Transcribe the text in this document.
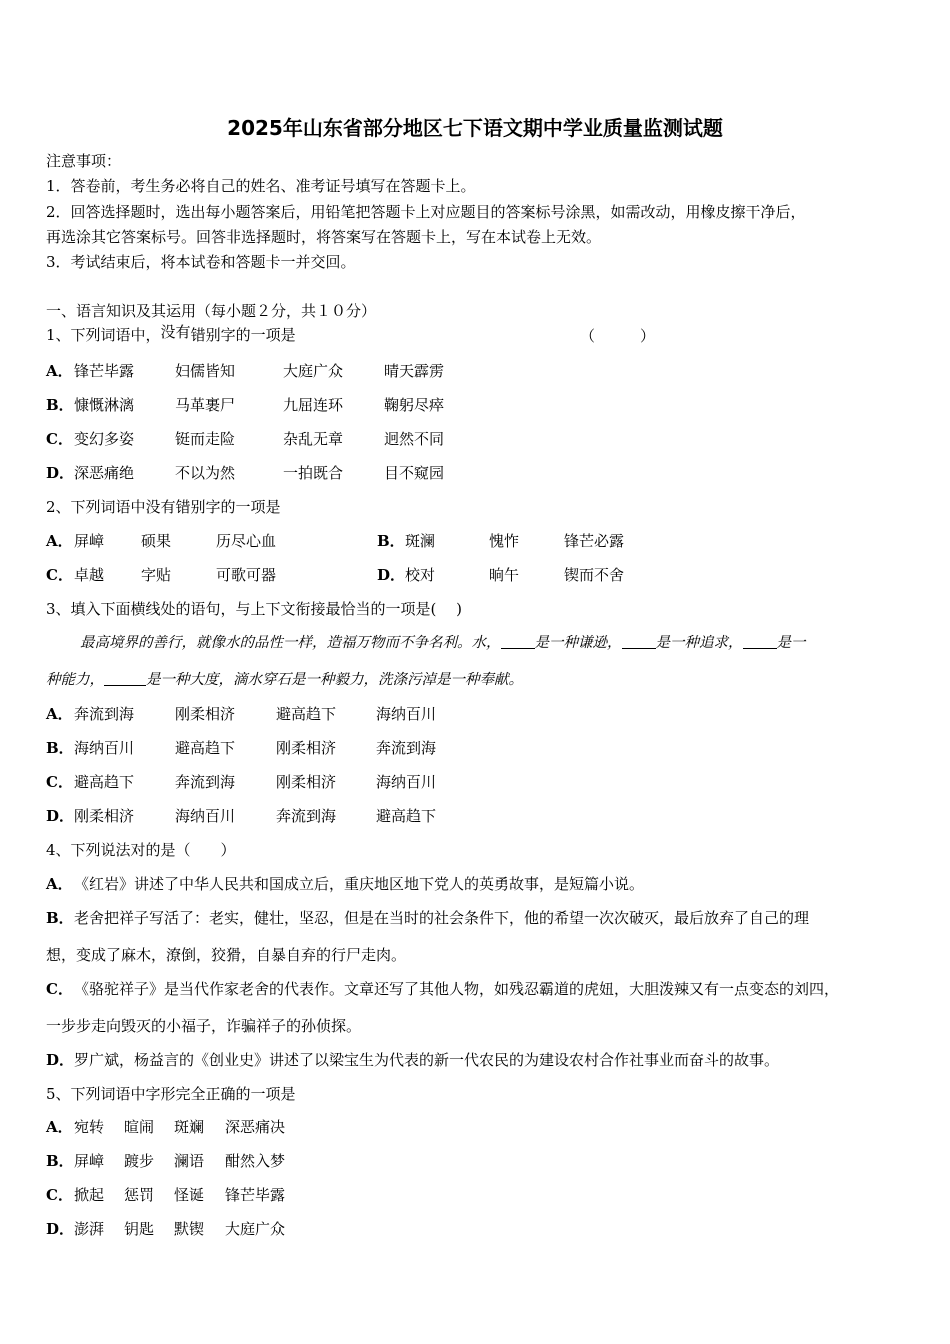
2025年山东省部分地区七下语文期中学业质量监测试题
注意事项：
1．答卷前，考生务必将自己的姓名、准考证号填写在答题卡上。
2．回答选择题时，选出每小题答案后，用铅笔把答题卡上对应题目的答案标号涂黑，如需改动，用橡皮擦干净后，
再选涂其它答案标号。回答非选择题时，将答案写在答题卡上，写在本试卷上无效。
3．考试结束后，将本试卷和答题卡一并交回。
一、语言知识及其运用（每小题２分，共１０分）
1、下列词语中，没有错别字的一项是	（　　　）
A．锋芒毕露	妇儒皆知	大庭广众	晴天霹雳
B．慷慨淋漓	马革裹尸	九屈连环	鞠躬尽瘁
C．变幻多姿	铤而走险	杂乱无章	迥然不同
D．深恶痛绝	不以为然	一拍既合	目不窥园
2、下列词语中没有错别字的一项是
A．屏嶂 硕果	历尽心血	B．斑澜	愧怍	锋芒必露
C．卓越 字贴	可歌可器	D．校对	晌午	锲而不舍
3、填入下面横线处的语句，与上下文衔接最恰当的一项是(　 )
最高境界的善行，就像水的品性一样，造福万物而不争名利。水， 是一种谦逊， 是一种追求， 是一
种能力，	是一种大度，滴水穿石是一种毅力，洗涤污淖是一种奉献。
A．奔流到海	刚柔相济	避高趋下	海纳百川
B．海纳百川	避高趋下	刚柔相济	奔流到海
C．避高趋下	奔流到海	刚柔相济	海纳百川
D．刚柔相济	海纳百川	奔流到海	避高趋下
4、下列说法对的是（　　）
A．《红岩》讲述了中华人民共和国成立后，重庆地区地下党人的英勇故事，是短篇小说。
B．老舍把祥子写活了：老实，健壮，坚忍，但是在当时的社会条件下，他的希望一次次破灭，最后放弃了自己的理
想，变成了麻木，潦倒，狡猾，自暴自弃的行尸走肉。
C．《骆驼祥子》是当代作家老舍的代表作。文章还写了其他人物，如残忍霸道的虎妞，大胆泼辣又有一点变态的刘四，
一步步走向毁灭的小福子，诈骗祥子的孙侦探。
D．罗广斌，杨益言的《创业史》讲述了以梁宝生为代表的新一代农民的为建设农村合作社事业而奋斗的故事。
5、下列词语中字形完全正确的一项是
A．宛转 暄闹 斑斓 深恶痛决
B．屏嶂 踱步 澜语 酣然入梦
C．掀起 惩罚 怪诞 锋芒毕露
D．澎湃 钥匙 默锲 大庭广众
